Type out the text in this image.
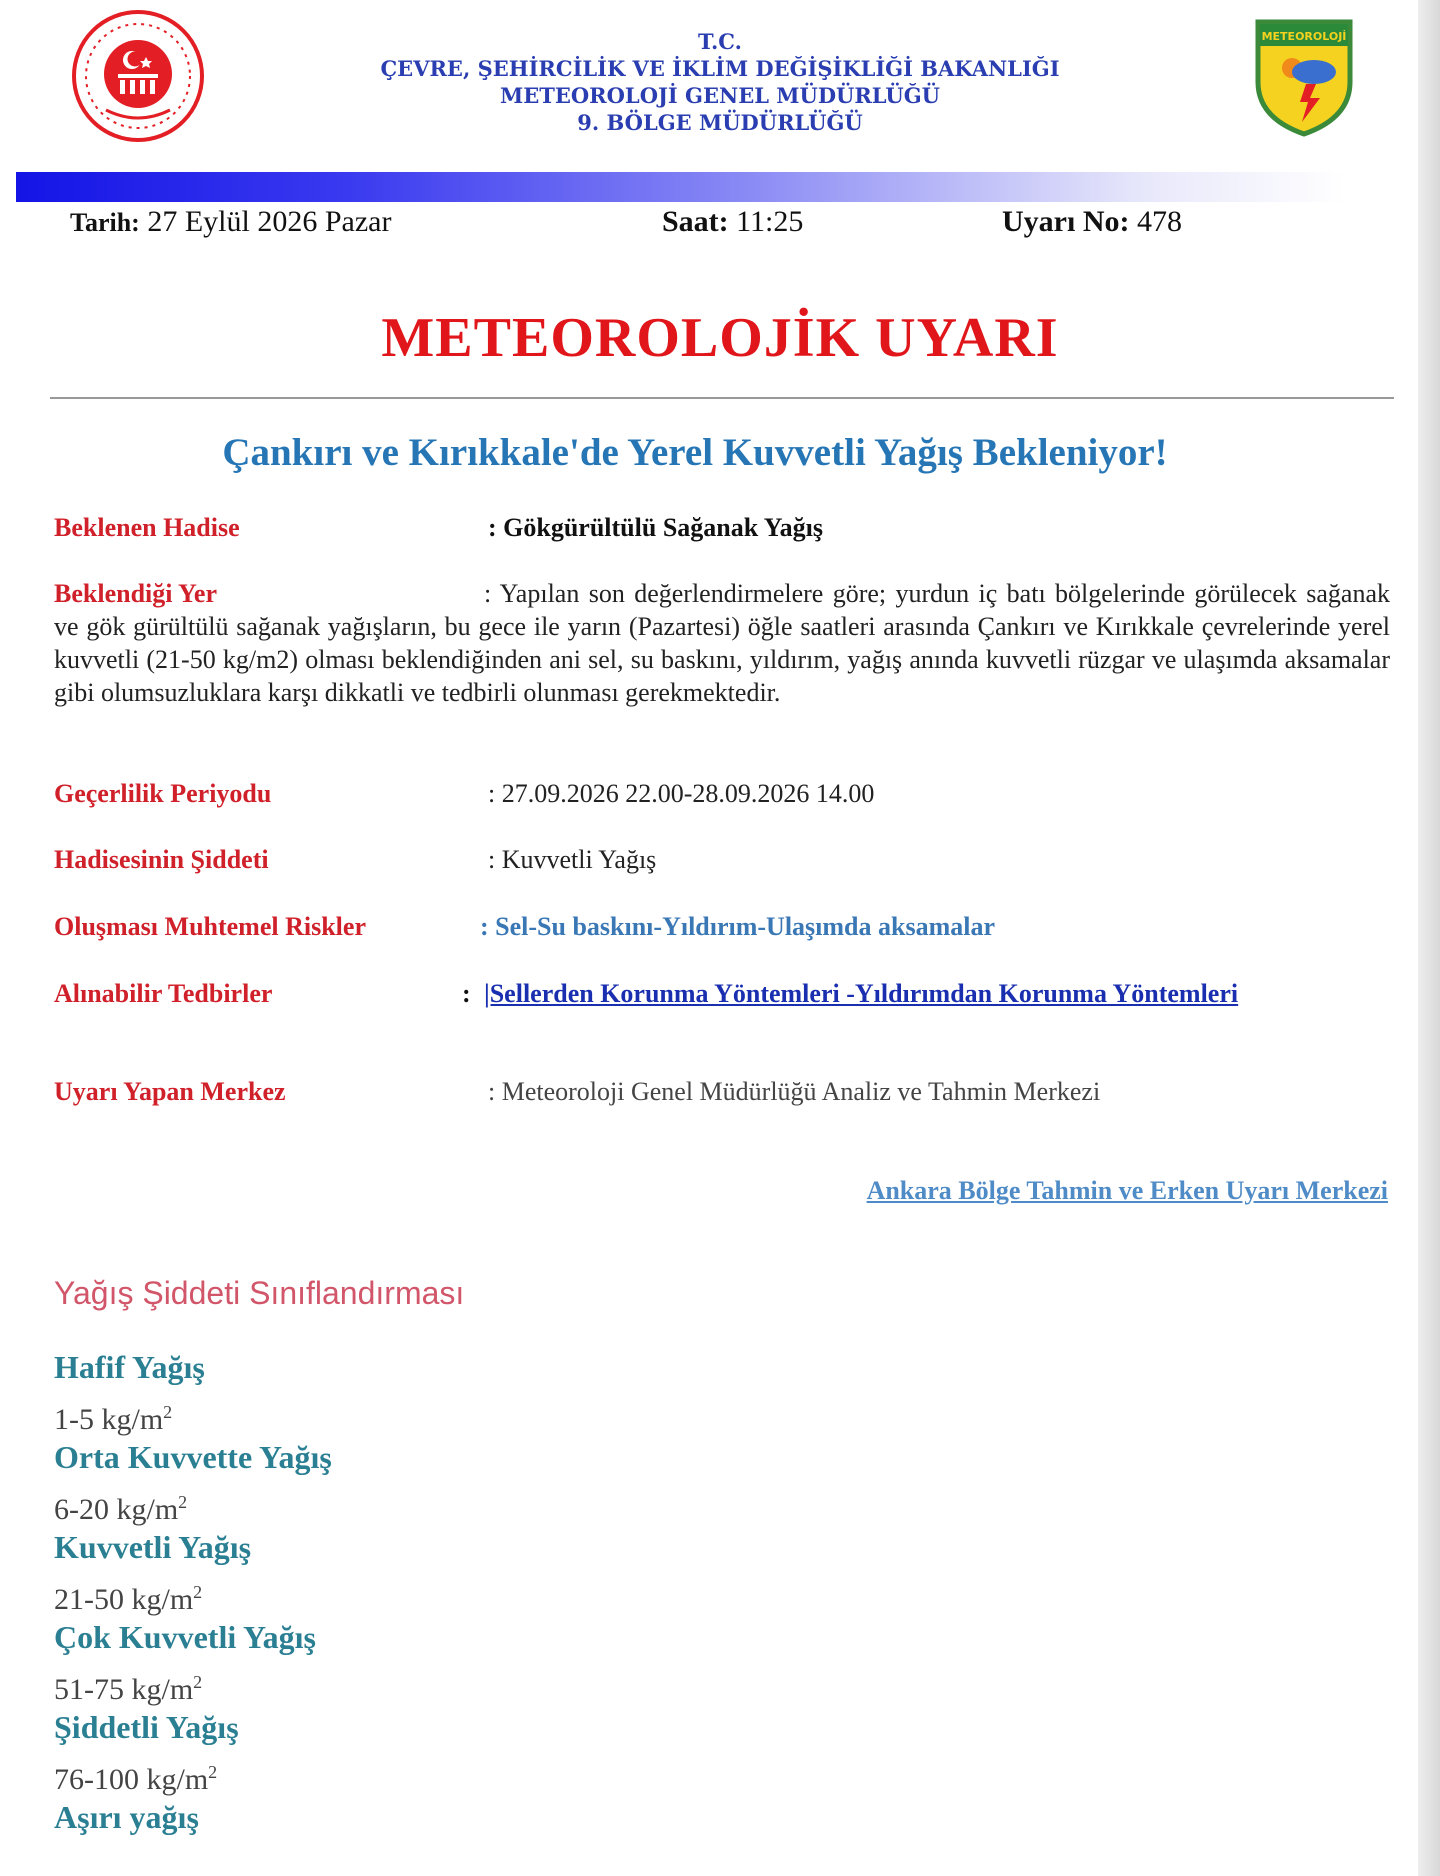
T.C.
ÇEVRE, ŞEHİRCİLİK VE İKLİM DEĞİŞİKLİĞİ BAKANLIĞI
METEOROLOJİ GENEL MÜDÜRLÜĞÜ
9. BÖLGE MÜDÜRLÜĞÜ
METEOROLOJİ
Tarih: 27 Eylül 2026 Pazar	Saat: 11:25	Uyarı No: 478
METEOROLOJİK UYARI
Çankırı ve Kırıkkale'de Yerel Kuvvetli Yağış Bekleniyor!
Beklenen Hadise	: Gökgürültülü Sağanak Yağış
Beklendiği Yer	: Yapılan son değerlendirmelere göre; yurdun iç batı bölgelerinde görülecek sağanak ve gök gürültülü sağanak yağışların, bu gece ile yarın (Pazartesi) öğle saatleri arasında Çankırı ve Kırıkkale çevrelerinde yerel kuvvetli (21-50 kg/m2) olması beklendiğinden ani sel, su baskını, yıldırım, yağış anında kuvvetli rüzgar ve ulaşımda aksamalar gibi olumsuzluklara karşı dikkatli ve tedbirli olunması gerekmektedir.
Geçerlilik Periyodu	: 27.09.2026 22.00-28.09.2026 14.00
Hadisesinin Şiddeti	: Kuvvetli Yağış
Oluşması Muhtemel Riskler	: Sel-Su baskını-Yıldırım-Ulaşımda aksamalar
Alınabilir Tedbirler	: |Sellerden Korunma Yöntemleri -Yıldırımdan Korunma Yöntemleri
Uyarı Yapan Merkez	: Meteoroloji Genel Müdürlüğü Analiz ve Tahmin Merkezi
Ankara Bölge Tahmin ve Erken Uyarı Merkezi
Yağış Şiddeti Sınıflandırması
Hafif Yağış
1-5 $kg/m^2$
Orta Kuvvette Yağış
6-20 $kg/m^2$
Kuvvetli Yağış
21-50 $kg/m^2$
Çok Kuvvetli Yağış
51-75 $kg/m^2$
Şiddetli Yağış
76-100 $kg/m^2$
Aşırı yağış
